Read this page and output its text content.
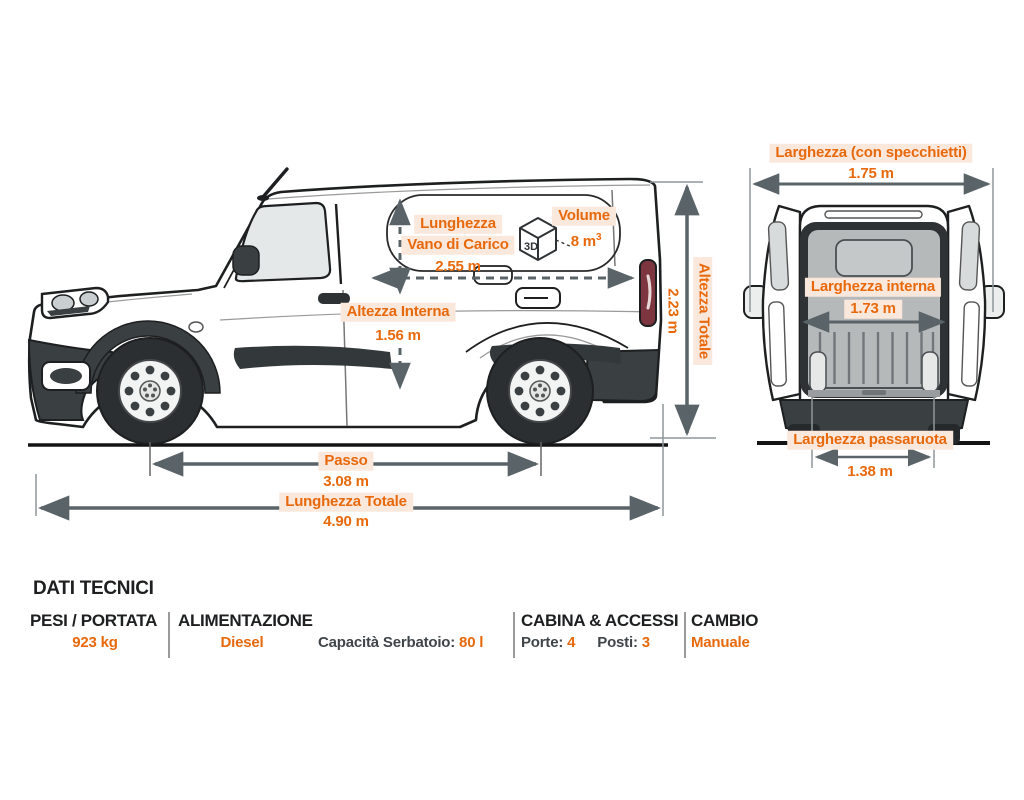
Lunghezza
Vano di Carico
2.55 m
Volume
8 $m^3$
3D
Altezza Interna
1.56 m	Altezza Totale
2.23 m
Passo
3.08 m
Lunghezza Totale
4.90 m
Larghezza (con specchietti)
1.75 m
Larghezza interna
1.73 m
Larghezza passaruota
1.38 m
DATI TECNICI
PESI / PORTATA
923 kg
ALIMENTAZIONE
Diesel	Capacità Serbatoio: 80 l
CABINA & ACCESSI
Porte: 4 Posti: 3
CAMBIO
Manuale
